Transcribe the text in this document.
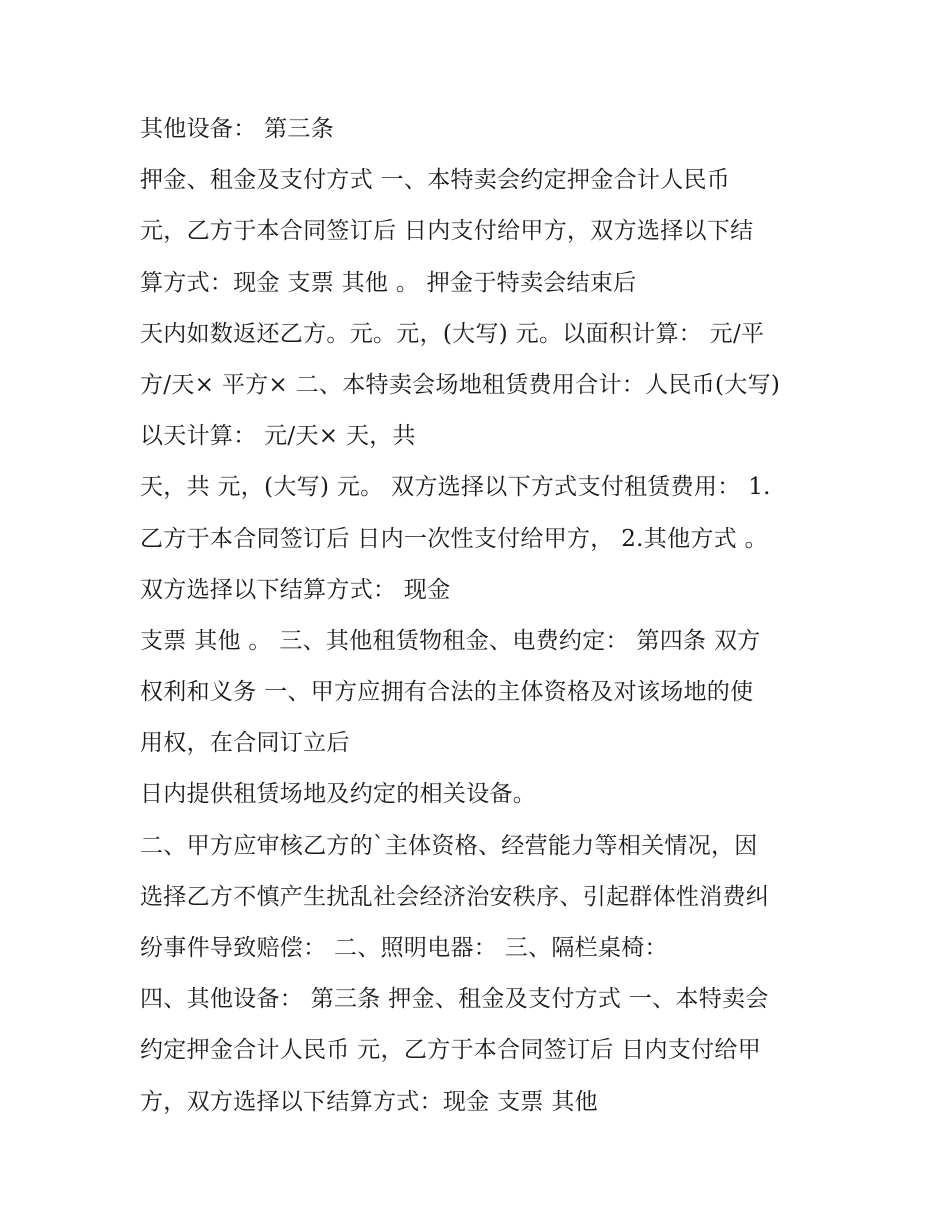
其他设备： 第三条
押金、租金及支付方式 一、本特卖会约定押金合计人民币
元，乙方于本合同签订后 日内支付给甲方，双方选择以下结
算方式：现金 支票 其他 。 押金于特卖会结束后
天内如数返还乙方。元。元，(大写) 元。以面积计算： 元/平
方/天× 平方× 二、本特卖会场地租赁费用合计：人民币(大写)
以天计算： 元/天× 天，共
天，共 元，(大写) 元。 双方选择以下方式支付租赁费用： 1.
乙方于本合同签订后 日内一次性支付给甲方， 2.其他方式 。
双方选择以下结算方式： 现金
支票 其他 。 三、其他租赁物租金、电费约定： 第四条 双方
权利和义务 一、甲方应拥有合法的主体资格及对该场地的使
用权，在合同订立后
日内提供租赁场地及约定的相关设备。
二、甲方应审核乙方的`主体资格、经营能力等相关情况，因
选择乙方不慎产生扰乱社会经济治安秩序、引起群体性消费纠
纷事件导致赔偿： 二、照明电器： 三、隔栏桌椅：
四、其他设备： 第三条 押金、租金及支付方式 一、本特卖会
约定押金合计人民币 元，乙方于本合同签订后 日内支付给甲
方，双方选择以下结算方式：现金 支票 其他
